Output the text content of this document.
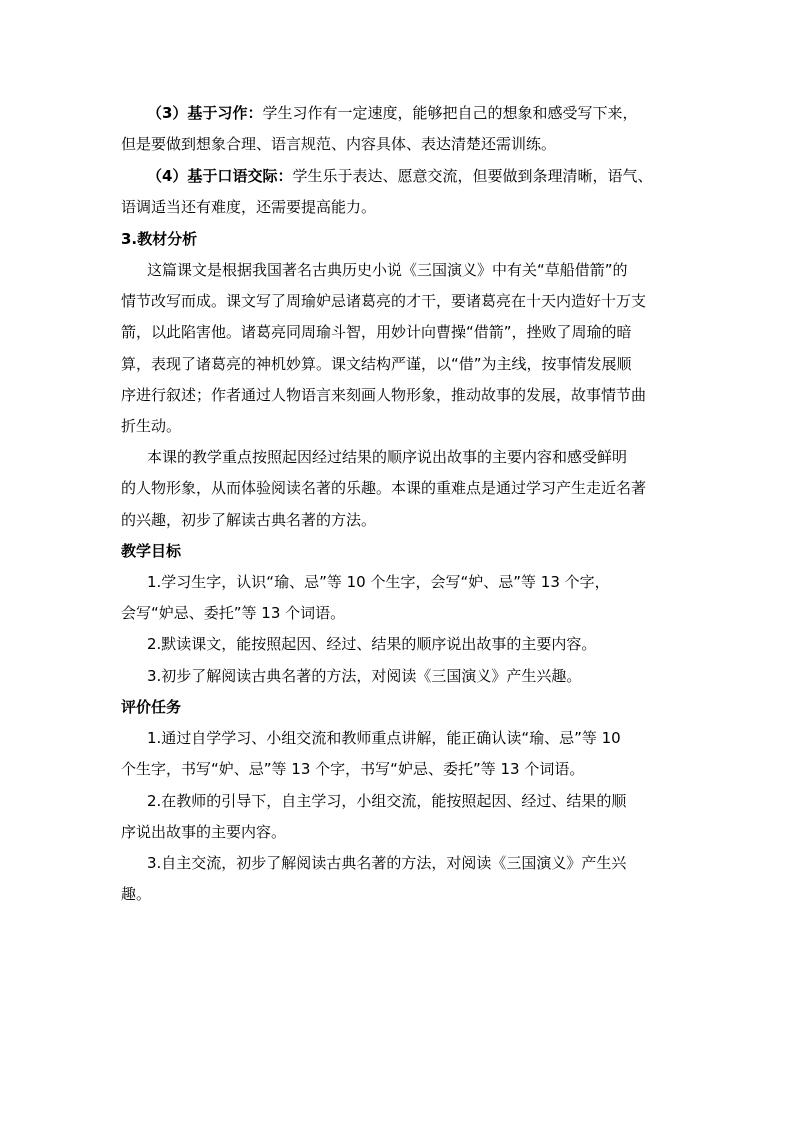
（3）基于习作：学生习作有一定速度，能够把自己的想象和感受写下来，
但是要做到想象合理、语言规范、内容具体、表达清楚还需训练。
（4）基于口语交际：学生乐于表达、愿意交流，但要做到条理清晰，语气、
语调适当还有难度，还需要提高能力。
3.教材分析
这篇课文是根据我国著名古典历史小说《三国演义》中有关“草船借箭”的
情节改写而成。课文写了周瑜妒忌诸葛亮的才干，要诸葛亮在十天内造好十万支
箭，以此陷害他。诸葛亮同周瑜斗智，用妙计向曹操“借箭”，挫败了周瑜的暗
算，表现了诸葛亮的神机妙算。课文结构严谨，以“借”为主线，按事情发展顺
序进行叙述；作者通过人物语言来刻画人物形象，推动故事的发展，故事情节曲
折生动。
本课的教学重点按照起因经过结果的顺序说出故事的主要内容和感受鲜明
的人物形象，从而体验阅读名著的乐趣。本课的重难点是通过学习产生走近名著
的兴趣，初步了解读古典名著的方法。
教学目标
1.学习生字，认识“瑜、忌”等 10 个生字，会写“妒、忌”等 13 个字，
会写“妒忌、委托”等 13 个词语。
2.默读课文，能按照起因、经过、结果的顺序说出故事的主要内容。
3.初步了解阅读古典名著的方法，对阅读《三国演义》产生兴趣。
评价任务
1.通过自学学习、小组交流和教师重点讲解，能正确认读“瑜、忌”等 10
个生字，书写“妒、忌”等 13 个字，书写“妒忌、委托”等 13 个词语。
2.在教师的引导下，自主学习，小组交流，能按照起因、经过、结果的顺
序说出故事的主要内容。
3.自主交流，初步了解阅读古典名著的方法，对阅读《三国演义》产生兴
趣。
